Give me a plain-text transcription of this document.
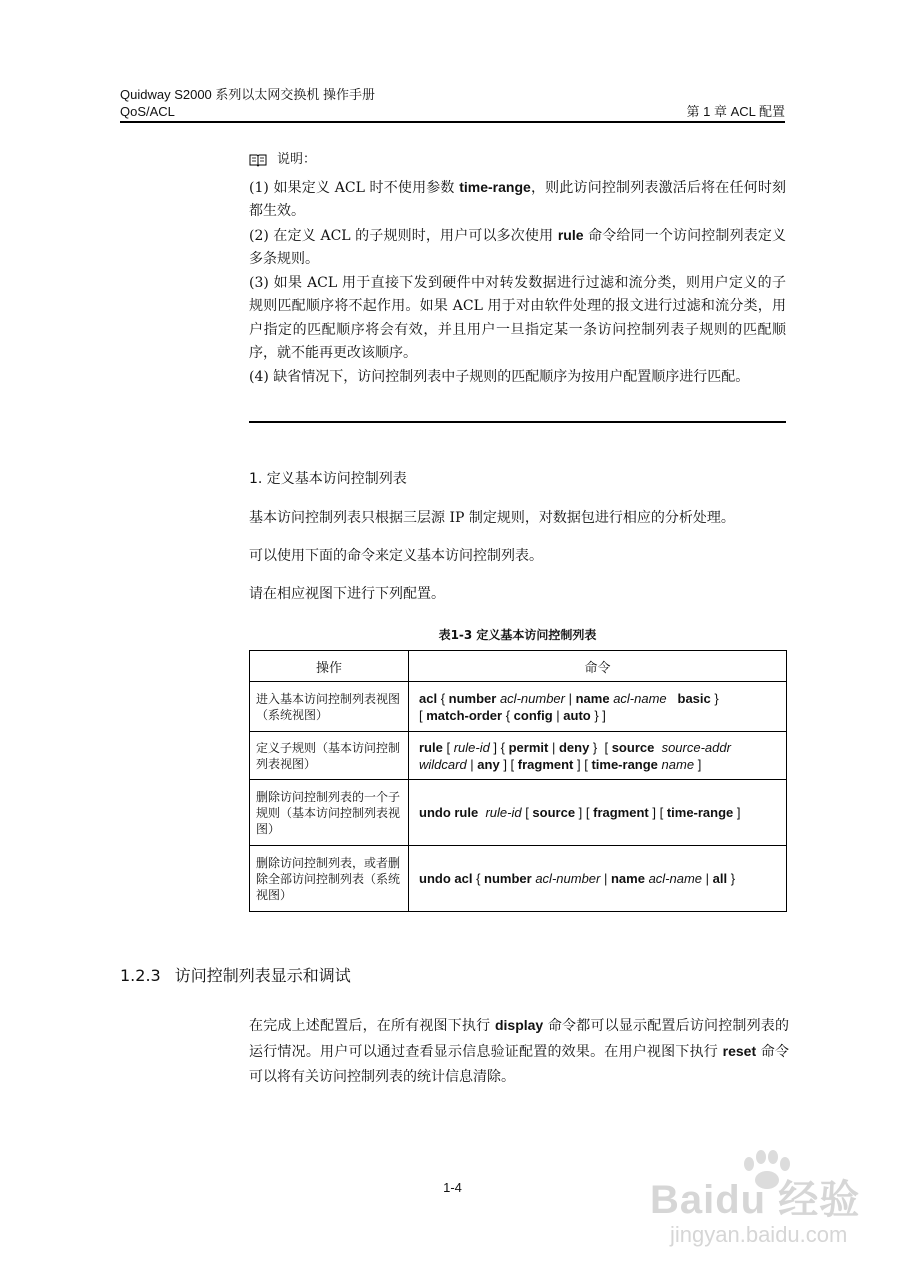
Quidway S2000 系列以太网交换机 操作手册
QoS/ACL	第 1 章 ACL 配置
说明：

(1) 如果定义 ACL 时不使用参数 time-range，则此访问控制列表激活后将在任何时刻都生效。

(2) 在定义 ACL 的子规则时，用户可以多次使用 rule 命令给同一个访问控制列表定义多条规则。

(3) 如果 ACL 用于直接下发到硬件中对转发数据进行过滤和流分类，则用户定义的子规则匹配顺序将不起作用。如果 ACL 用于对由软件处理的报文进行过滤和流分类，用户指定的匹配顺序将会有效，并且用户一旦指定某一条访问控制列表子规则的匹配顺序，就不能再更改该顺序。

(4) 缺省情况下，访问控制列表中子规则的匹配顺序为按用户配置顺序进行匹配。

1. 定义基本访问控制列表
基本访问控制列表只根据三层源 IP 制定规则，对数据包进行相应的分析处理。
可以使用下面的命令来定义基本访问控制列表。
请在相应视图下进行下列配置。
表1-3 定义基本访问控制列表
操作	命令
进入基本访问控制列表视图（系统视图）	acl { number acl-number | name acl-name basic }
[ match-order { config | auto } ]

定义子规则（基本访问控制列表视图）	rule [ rule-id ] { permit | deny }  [ source source-addr
wildcard | any ] [ fragment ] [ time-range name ]

删除访问控制列表的一个子规则（基本访问控制列表视图）	undo rule rule-id [ source ] [ fragment ] [ time-range ]

删除访问控制列表，或者删除全部访问控制列表（系统视图）	undo acl { number acl-number | name acl-name | all }
1.2.3 访问控制列表显示和调试
在完成上述配置后，在所有视图下执行 display 命令都可以显示配置后访问控制列表的运行情况。用户可以通过查看显示信息验证配置的效果。在用户视图下执行 reset 命令可以将有关访问控制列表的统计信息清除。
1-4	Baidu 经验
jingyan.baidu.com
